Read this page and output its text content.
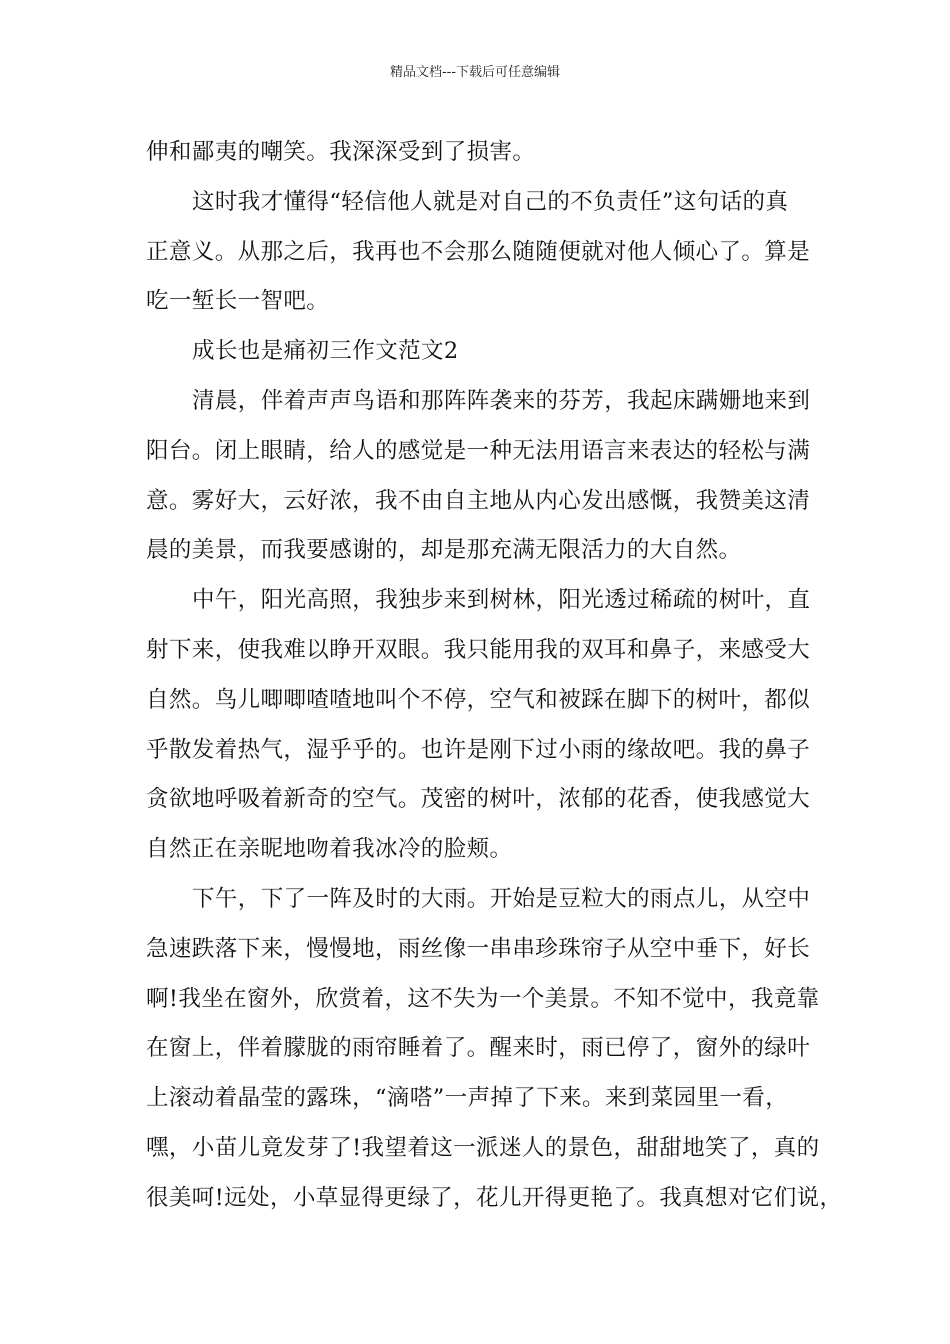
精品文档---下载后可任意编辑
伸和鄙夷的嘲笑。我深深受到了损害。
这时我才懂得“轻信他人就是对自己的不负责任”这句话的真
正意义。从那之后，我再也不会那么随随便就对他人倾心了。算是
吃一堑长一智吧。
成长也是痛初三作文范文2
清晨，伴着声声鸟语和那阵阵袭来的芬芳，我起床蹒姗地来到
阳台。闭上眼睛，给人的感觉是一种无法用语言来表达的轻松与满
意。雾好大，云好浓，我不由自主地从内心发出感慨，我赞美这清
晨的美景，而我要感谢的，却是那充满无限活力的大自然。
中午，阳光高照，我独步来到树林，阳光透过稀疏的树叶，直
射下来，使我难以睁开双眼。我只能用我的双耳和鼻子，来感受大
自然。鸟儿唧唧喳喳地叫个不停，空气和被踩在脚下的树叶，都似
乎散发着热气，湿乎乎的。也许是刚下过小雨的缘故吧。我的鼻子
贪欲地呼吸着新奇的空气。茂密的树叶，浓郁的花香，使我感觉大
自然正在亲昵地吻着我冰冷的脸颊。
下午，下了一阵及时的大雨。开始是豆粒大的雨点儿，从空中
急速跌落下来，慢慢地，雨丝像一串串珍珠帘子从空中垂下，好长
啊!我坐在窗外，欣赏着，这不失为一个美景。不知不觉中，我竟靠
在窗上，伴着朦胧的雨帘睡着了。醒来时，雨已停了，窗外的绿叶
上滚动着晶莹的露珠，“滴嗒”一声掉了下来。来到菜园里一看，
嘿，小苗儿竟发芽了!我望着这一派迷人的景色，甜甜地笑了，真的
很美呵!远处，小草显得更绿了，花儿开得更艳了。我真想对它们说，
